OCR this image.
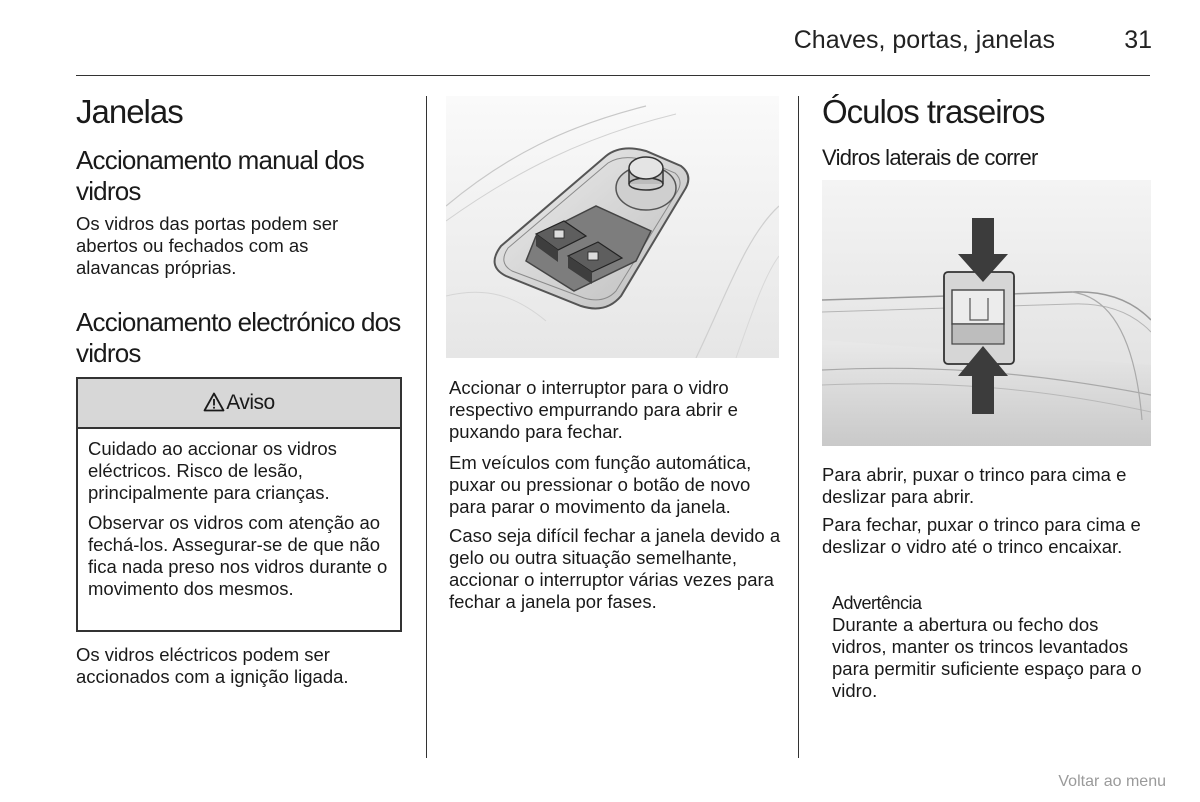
Chaves, portas, janelas	31
Janelas
Accionamento manual dos vidros
Os vidros das portas podem ser abertos ou fechados com as alavancas próprias.
Accionamento electrónico dos vidros
Aviso
Cuidado ao accionar os vidros eléctricos. Risco de lesão, principalmente para crianças.
Observar os vidros com atenção ao fechá-los. Assegurar-se de que não fica nada preso nos vidros durante o movimento dos mesmos.
Os vidros eléctricos podem ser accionados com a ignição ligada.
Accionar o interruptor para o vidro respectivo empurrando para abrir e puxando para fechar.
Em veículos com função automática, puxar ou pressionar o botão de novo para parar o movimento da janela.
Caso seja difícil fechar a janela devido a gelo ou outra situação semelhante, accionar o interruptor várias vezes para fechar a janela por fases.
Óculos traseiros
Vidros laterais de correr
Para abrir, puxar o trinco para cima e deslizar para abrir.
Para fechar, puxar o trinco para cima e deslizar o vidro até o trinco encaixar.
Advertência
Durante a abertura ou fecho dos vidros, manter os trincos levantados para permitir suficiente espaço para o vidro.
Voltar ao menu
